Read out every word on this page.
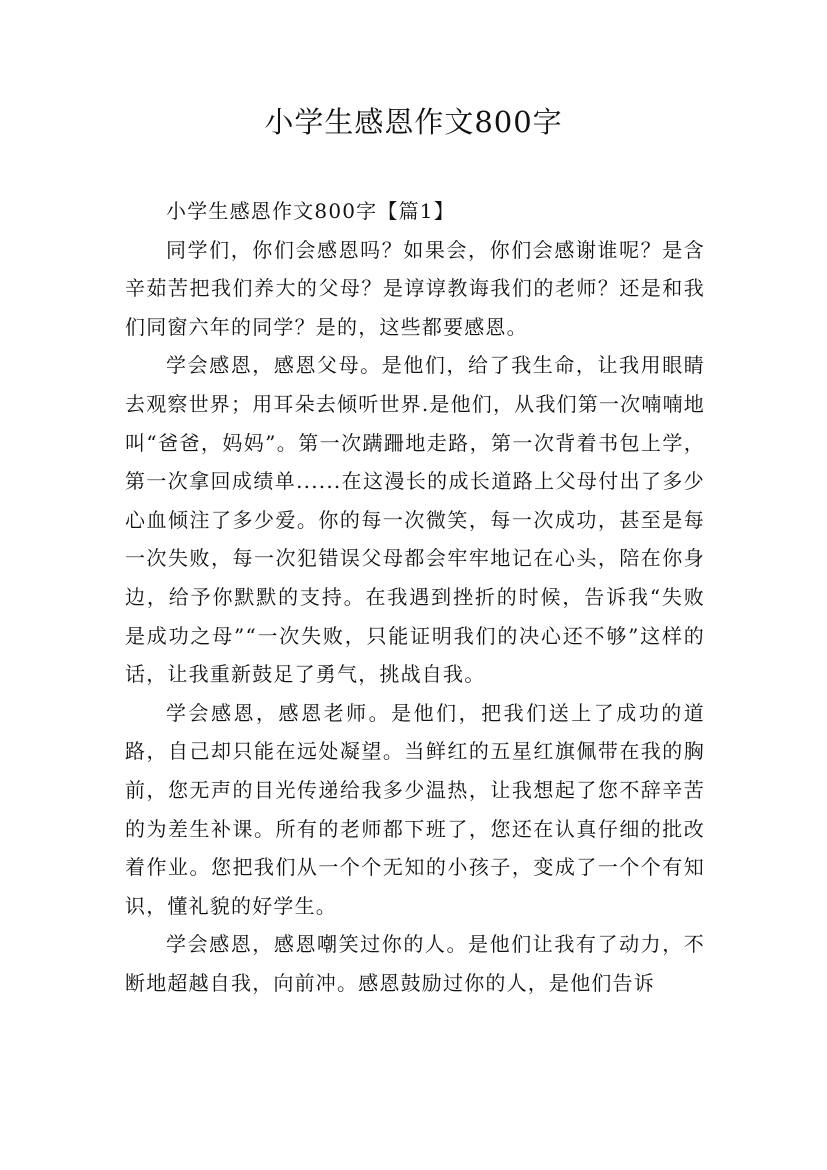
小学生感恩作文800字

小学生感恩作文800字【篇1】

同学们，你们会感恩吗？如果会，你们会感谢谁呢？是含辛茹苦把我们养大的父母？是谆谆教诲我们的老师？还是和我们同窗六年的同学？是的，这些都要感恩。

学会感恩，感恩父母。是他们，给了我生命，让我用眼睛去观察世界；用耳朵去倾听世界.是他们，从我们第一次喃喃地叫“爸爸，妈妈”。第一次蹒跚地走路，第一次背着书包上学，第一次拿回成绩单......在这漫长的成长道路上父母付出了多少心血倾注了多少爱。你的每一次微笑，每一次成功，甚至是每一次失败，每一次犯错误父母都会牢牢地记在心头，陪在你身边，给予你默默的支持。在我遇到挫折的时候，告诉我“失败是成功之母”“一次失败，只能证明我们的决心还不够”这样的话，让我重新鼓足了勇气，挑战自我。

学会感恩，感恩老师。是他们，把我们送上了成功的道路，自己却只能在远处凝望。当鲜红的五星红旗佩带在我的胸前，您无声的目光传递给我多少温热，让我想起了您不辞辛苦的为差生补课。所有的老师都下班了，您还在认真仔细的批改着作业。您把我们从一个个无知的小孩子，变成了一个个有知识，懂礼貌的好学生。

学会感恩，感恩嘲笑过你的人。是他们让我有了动力，不断地超越自我，向前冲。感恩鼓励过你的人，是他们告诉
